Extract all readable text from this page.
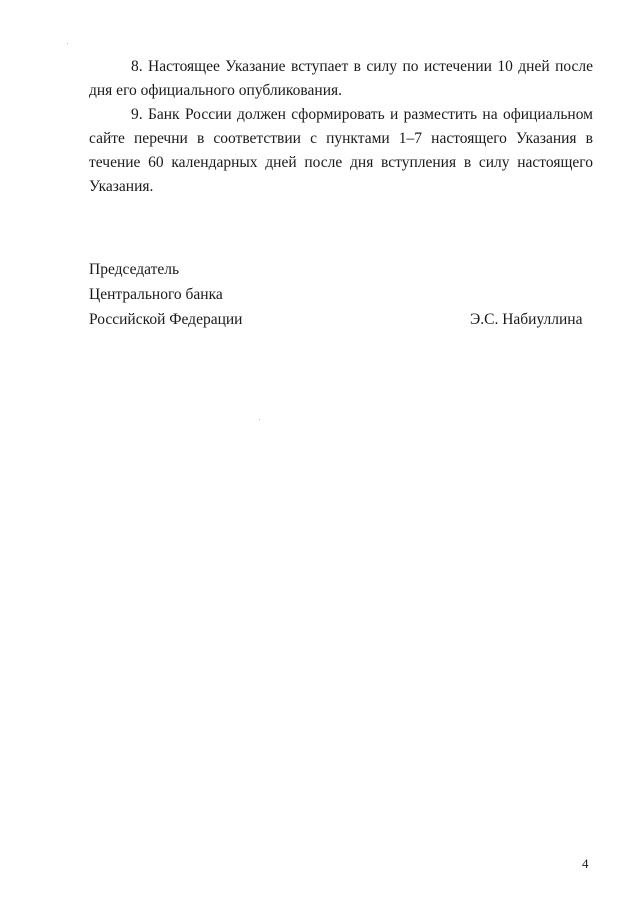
8. Настоящее Указание вступает в силу по истечении 10 дней после дня его официального опубликования.

9. Банк России должен сформировать и разместить на официальном сайте перечни в соответствии с пунктами 1–7 настоящего Указания в течение 60 календарных дней после дня вступления в силу настоящего Указания.

Председатель

Центрального банка

Российской Федерации	Э.С. Набиуллина

4
